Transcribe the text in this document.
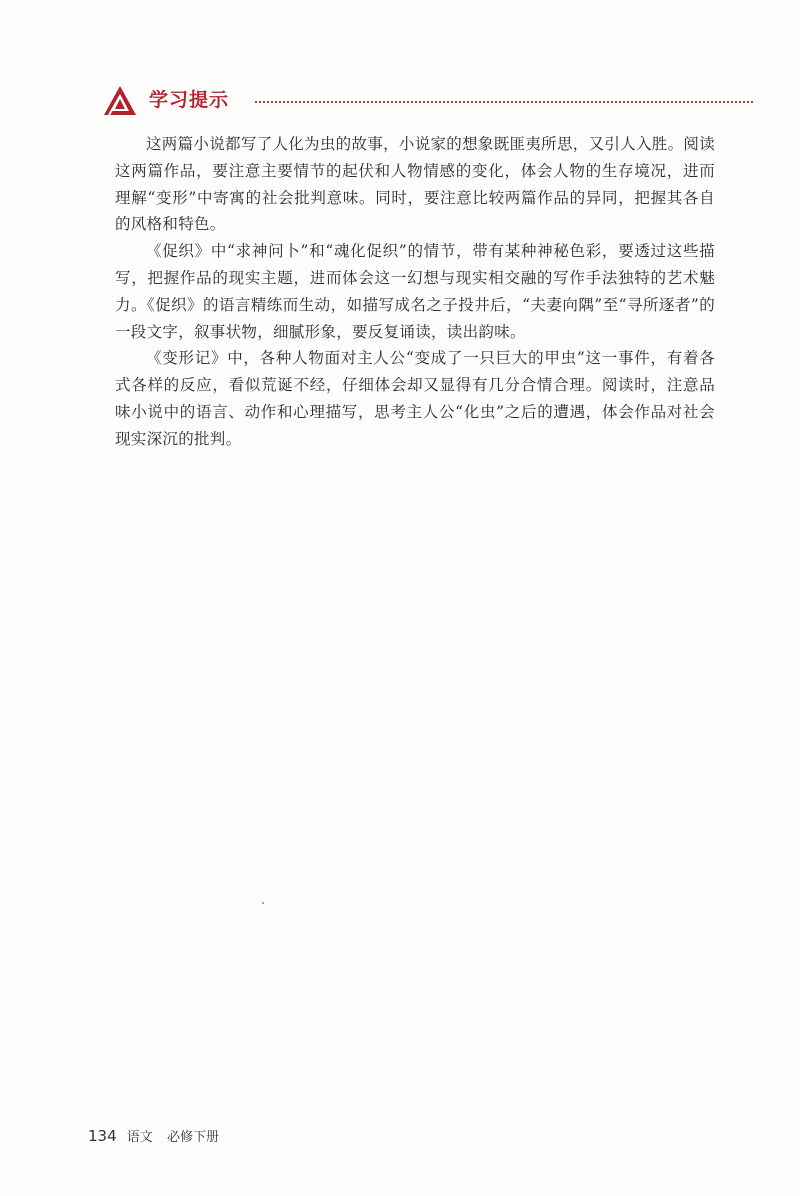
学习提示

这两篇小说都写了人化为虫的故事，小说家的想象既匪夷所思，又引人入胜。阅读这两篇作品，要注意主要情节的起伏和人物情感的变化，体会人物的生存境况，进而理解“变形”中寄寓的社会批判意味。同时，要注意比较两篇作品的异同，把握其各自的风格和特色。

《促织》中“求神问卜”和“魂化促织”的情节，带有某种神秘色彩，要透过这些描写，把握作品的现实主题，进而体会这一幻想与现实相交融的写作手法独特的艺术魅力。《促织》的语言精练而生动，如描写成名之子投井后，“夫妻向隅”至“寻所逐者”的一段文字，叙事状物，细腻形象，要反复诵读，读出韵味。

《变形记》中，各种人物面对主人公“变成了一只巨大的甲虫”这一事件，有着各式各样的反应，看似荒诞不经，仔细体会却又显得有几分合情合理。阅读时，注意品味小说中的语言、动作和心理描写，思考主人公“化虫”之后的遭遇，体会作品对社会现实深沉的批判。

134 语文 必修下册
